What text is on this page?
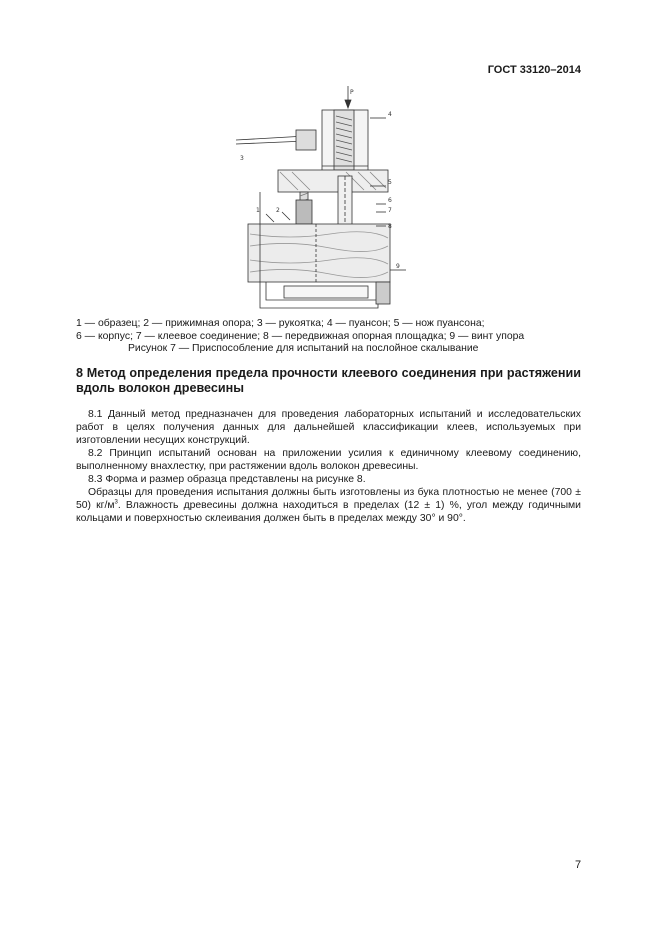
ГОСТ 33120–2014
P
4
3
5
6
7
8
9
2
1
1 — образец; 2 — прижимная опора; 3 — рукоятка; 4 — пуансон; 5 — нож пуансона;
6 — корпус; 7 — клеевое соединение; 8 — передвижная опорная площадка; 9 — винт упора
Рисунок 7 — Приспособление для испытаний на послойное скалывание
8 Метод определения предела прочности клеевого соединения при растяжении вдоль волокон древесины

8.1 Данный метод предназначен для проведения лабораторных испытаний и исследовательских работ в целях получения данных для дальнейшей классификации клеев, используемых при изготовлении несущих конструкций.

8.2 Принцип испытаний основан на приложении усилия к единичному клеевому соединению, выполненному внахлестку, при растяжении вдоль волокон древесины.

8.3 Форма и размер образца представлены на рисунке 8.

Образцы для проведения испытания должны быть изготовлены из бука плотностью не менее (700 ± 50) $кг/м^3$. Влажность древесины должна находиться в пределах (12 ± 1) %, угол между годичными кольцами и поверхностью склеивания должен быть в пределах между 30° и 90°.

7
